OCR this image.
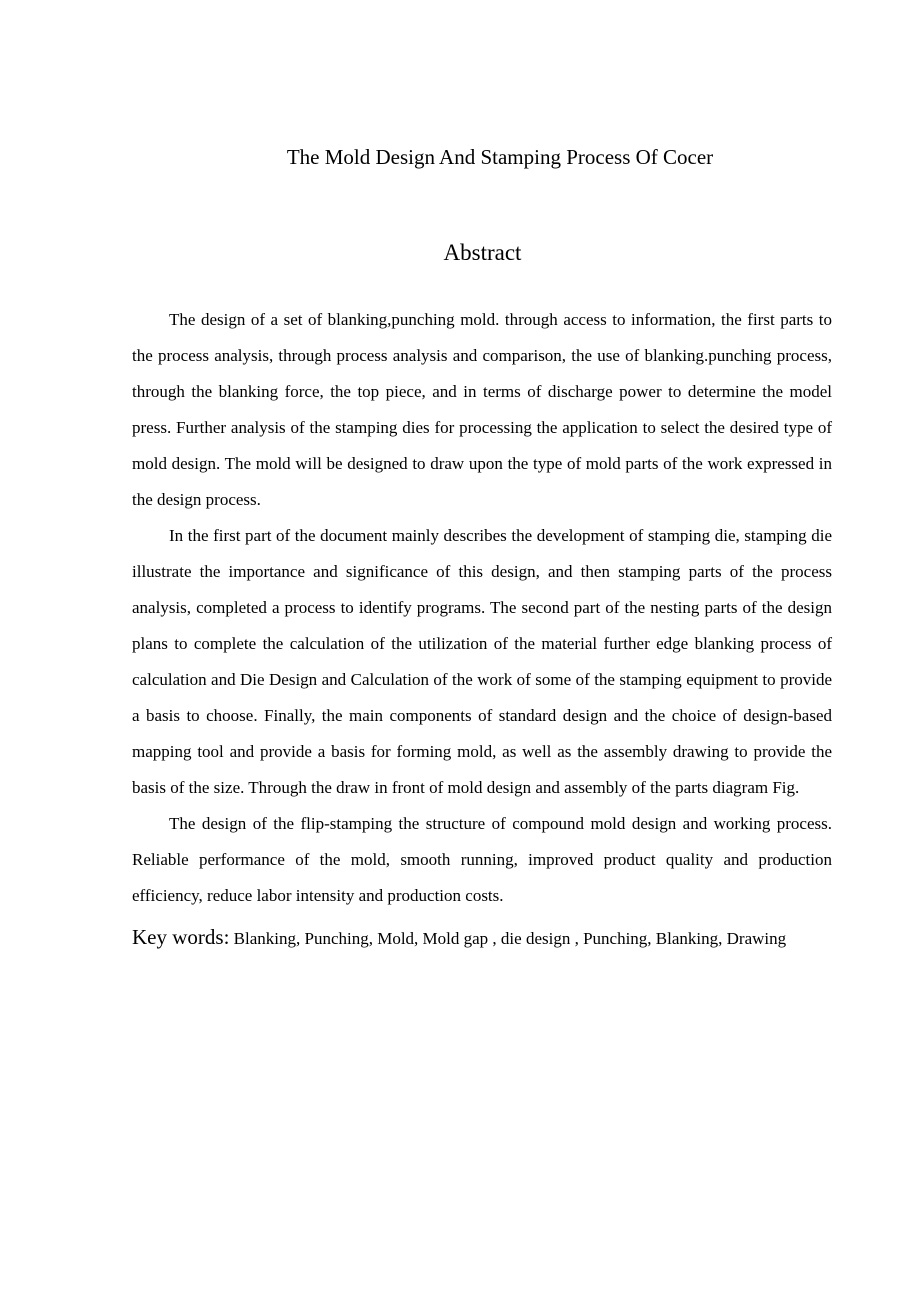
The Mold Design And Stamping Process Of Cocer
Abstract

The design of a set of blanking,punching mold. through access to information, the first parts to the process analysis, through process analysis and comparison, the use of blanking.punching process, through the blanking force, the top piece, and in terms of discharge power to determine the model press. Further analysis of the stamping dies for processing the application to select the desired type of mold design. The mold will be designed to draw upon the type of mold parts of the work expressed in the design process.

In the first part of the document mainly describes the development of stamping die, stamping die illustrate the importance and significance of this design, and then stamping parts of the process analysis, completed a process to identify programs. The second part of the nesting parts of the design plans to complete the calculation of the utilization of the material further edge blanking process of calculation and Die Design and Calculation of the work of some of the stamping equipment to provide a basis to choose. Finally, the main components of standard design and the choice of design-based mapping tool and provide a basis for forming mold, as well as the assembly drawing to provide the basis of the size. Through the draw in front of mold design and assembly of the parts diagram Fig.

The design of the flip-stamping the structure of compound mold design and working process. Reliable performance of the mold, smooth running, improved product quality and production efficiency, reduce labor intensity and production costs.

Key words: Blanking, Punching, Mold, Mold gap , die design , Punching, Blanking, Drawing
